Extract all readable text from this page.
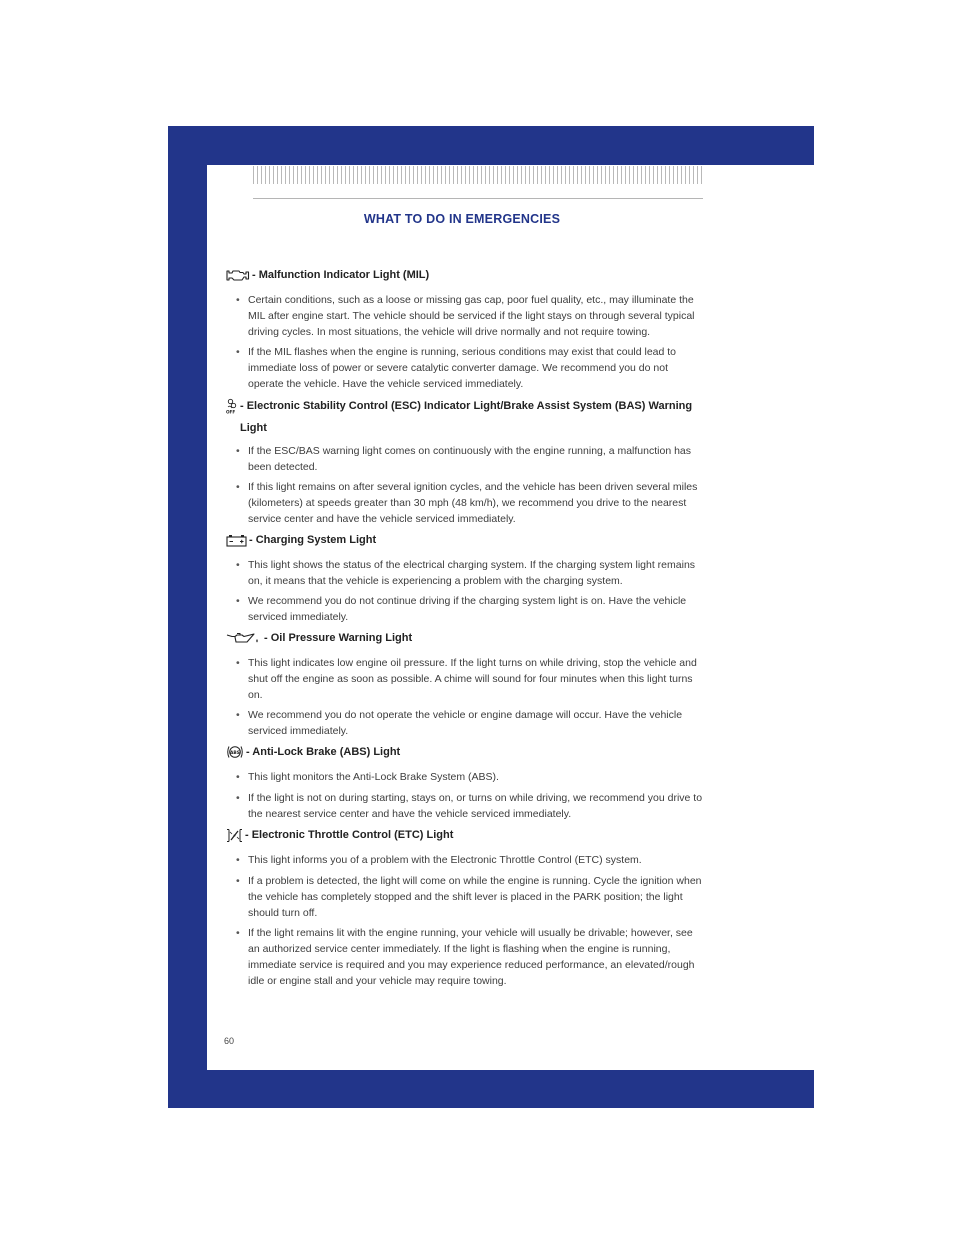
WHAT TO DO IN EMERGENCIES
- Malfunction Indicator Light (MIL)
• Certain conditions, such as a loose or missing gas cap, poor fuel quality, etc., may illuminate the MIL after engine start. The vehicle should be serviced if the light stays on through several typical driving cycles. In most situations, the vehicle will drive normally and not require towing.
• If the MIL flashes when the engine is running, serious conditions may exist that could lead to immediate loss of power or severe catalytic converter damage. We recommend you do not operate the vehicle. Have the vehicle serviced immediately.
OFF - Electronic Stability Control (ESC) Indicator Light/Brake Assist System (BAS) Warning Light
• If the ESC/BAS warning light comes on continuously with the engine running, a malfunction has been detected.
• If this light remains on after several ignition cycles, and the vehicle has been driven several miles (kilometers) at speeds greater than 30 mph (48 km/h), we recommend you drive to the nearest service center and have the vehicle serviced immediately.
- Charging System Light
• This light shows the status of the electrical charging system. If the charging system light remains on, it means that the vehicle is experiencing a problem with the charging system.
• We recommend you do not continue driving if the charging system light is on. Have the vehicle serviced immediately.
- Oil Pressure Warning Light
• This light indicates low engine oil pressure. If the light turns on while driving, stop the vehicle and shut off the engine as soon as possible. A chime will sound for four minutes when this light turns on.
• We recommend you do not operate the vehicle or engine damage will occur. Have the vehicle serviced immediately.
ABS - Anti-Lock Brake (ABS) Light
• This light monitors the Anti-Lock Brake System (ABS).
• If the light is not on during starting, stays on, or turns on while driving, we recommend you drive to the nearest service center and have the vehicle serviced immediately.
- Electronic Throttle Control (ETC) Light
• This light informs you of a problem with the Electronic Throttle Control (ETC) system.
• If a problem is detected, the light will come on while the engine is running. Cycle the ignition when the vehicle has completely stopped and the shift lever is placed in the PARK position; the light should turn off.
• If the light remains lit with the engine running, your vehicle will usually be drivable; however, see an authorized service center immediately. If the light is flashing when the engine is running, immediate service is required and you may experience reduced performance, an elevated/rough idle or engine stall and your vehicle may require towing.
60
